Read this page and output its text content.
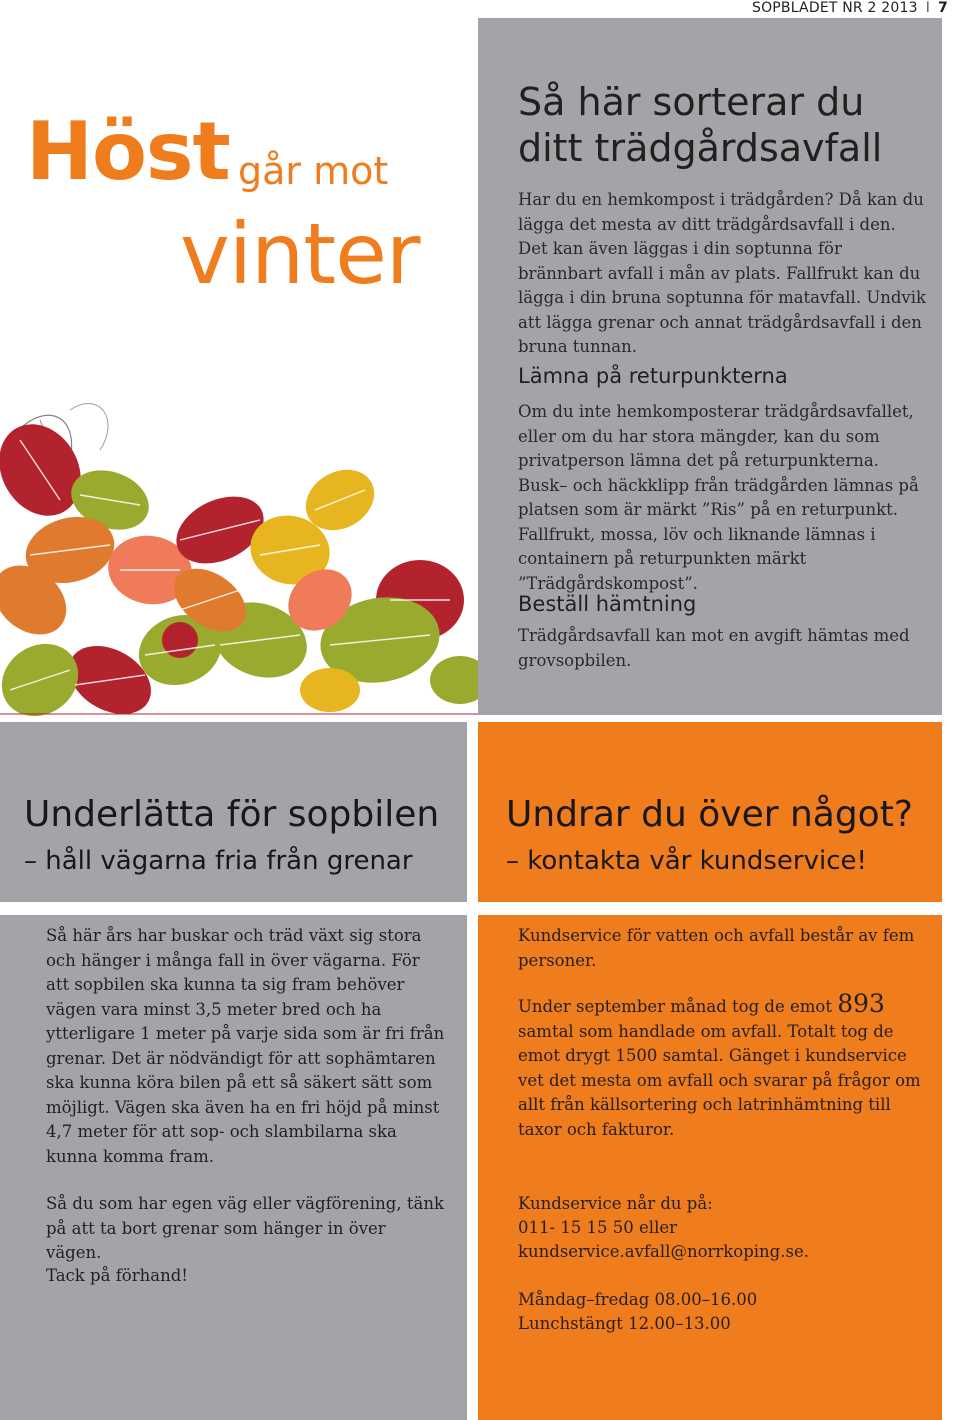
SOPBLADET NR 2 2013 I 7
Höst går mot
vinter
Så här sorterar du ditt trädgårdsavfall
Har du en hemkompost i trädgården? Då kan du lägga det mesta av ditt trädgårdsavfall i den. Det kan även läggas i din soptunna för brännbart avfall i mån av plats. Fallfrukt kan du lägga i din bruna soptunna för matavfall. Undvik att lägga grenar och annat trädgårdsavfall i den bruna tunnan.
Lämna på returpunkterna
Om du inte hemkomposterar trädgårdsavfallet, eller om du har stora mängder, kan du som privatperson lämna det på returpunkterna. Busk– och häckklipp från trädgården lämnas på platsen som är märkt ”Ris” på en returpunkt. Fallfrukt, mossa, löv och liknande lämnas i containern på returpunkten märkt ”Trädgårdskompost”.
Beställ hämtning
Trädgårdsavfall kan mot en avgift hämtas med grovsopbilen.
Underlätta för sopbilen
– håll vägarna fria från grenar
Så här års har buskar och träd växt sig stora och hänger i många fall in över vägarna. För att sopbilen ska kunna ta sig fram behöver vägen vara minst 3,5 meter bred och ha ytterligare 1 meter på varje sida som är fri från grenar. Det är nödvändigt för att sophämtaren ska kunna köra bilen på ett så säkert sätt som möjligt. Vägen ska även ha en fri höjd på minst 4,7 meter för att sop- och slambilarna ska kunna komma fram.
Så du som har egen väg eller vägförening, tänk på att ta bort grenar som hänger in över vägen.
Tack på förhand!
Undrar du över något?
– kontakta vår kundservice!
Kundservice för vatten och avfall består av fem personer.
Under september månad tog de emot 893 samtal som handlade om avfall. Totalt tog de emot drygt 1500 samtal. Gänget i kundservice vet det mesta om avfall och svarar på frågor om allt från källsortering och latrinhämtning till taxor och fakturor.
Kundservice når du på:
011- 15 15 50 eller
kundservice.avfall@norrkoping.se.
Måndag–fredag 08.00–16.00
Lunchstängt 12.00–13.00
